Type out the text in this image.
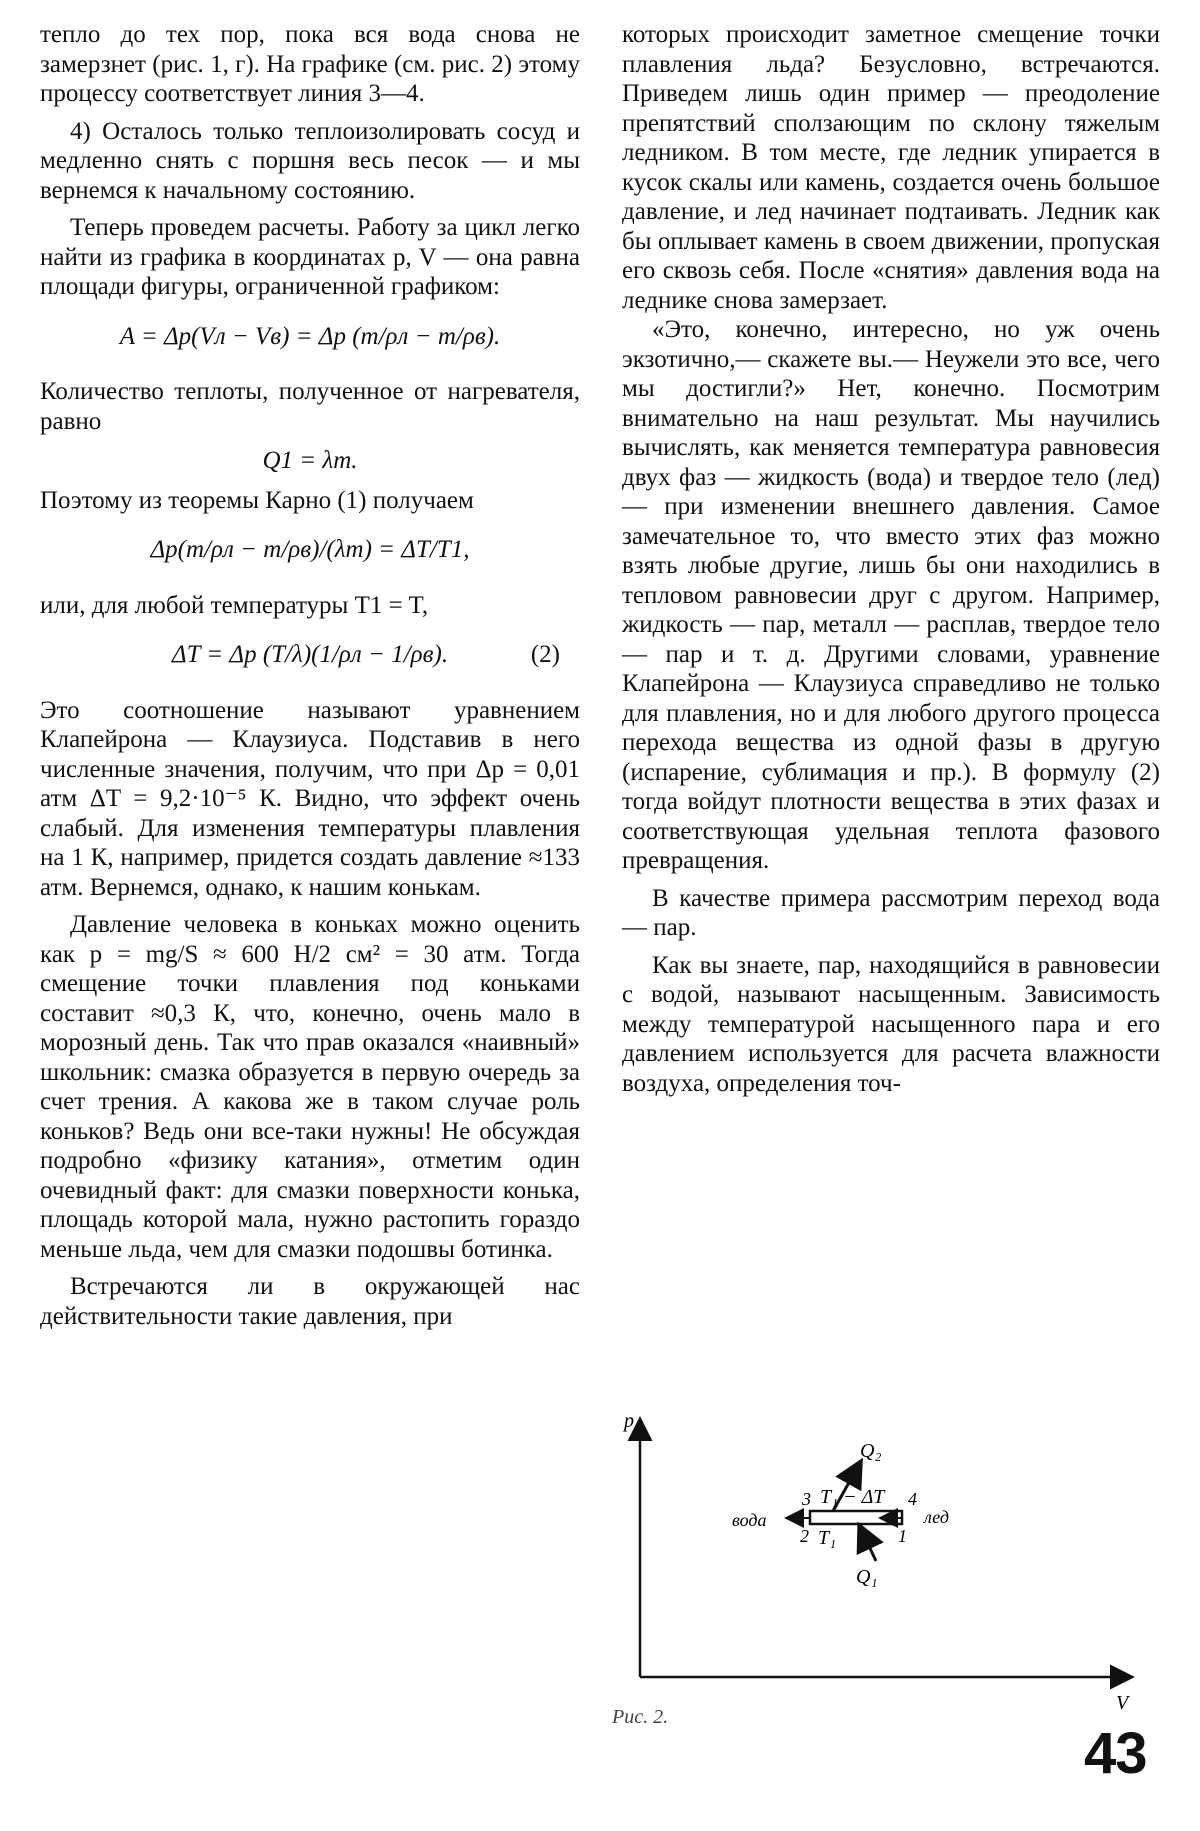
тепло до тех пор, пока вся вода снова не замерзнет (рис. 1, г). На графике (см. рис. 2) этому процессу соответствует линия 3—4.

4) Осталось только теплоизолировать сосуд и медленно снять с поршня весь песок — и мы вернемся к начальному состоянию.

Теперь проведем расчеты. Работу за цикл легко найти из графика в координатах p, V — она равна площади фигуры, ограниченной графиком:

A = Δp(Vл − Vв) = Δp (m/ρл − m/ρв).

Количество теплоты, полученное от нагревателя, равно

Q1 = λm.

Поэтому из теоремы Карно (1) получаем

Δp(m/ρл − m/ρв)/(λm) = ΔT/T1,

или, для любой температуры T1 = T,

ΔT = Δp (T/λ)(1/ρл − 1/ρв).	(2)

Это соотношение называют уравнением Клапейрона — Клаузиуса. Подставив в него численные значения, получим, что при Δp = 0,01 атм ΔT = 9,2·10⁻⁵ К. Видно, что эффект очень слабый. Для изменения температуры плавления на 1 К, например, придется создать давление ≈133 атм. Вернемся, однако, к нашим конькам.

Давление человека в коньках можно оценить как p = mg/S ≈ 600 Н/2 см² = 30 атм. Тогда смещение точки плавления под коньками составит ≈0,3 К, что, конечно, очень мало в морозный день. Так что прав оказался «наивный» школьник: смазка образуется в первую очередь за счет трения. А какова же в таком случае роль коньков? Ведь они все-таки нужны! Не обсуждая подробно «физику катания», отметим один очевидный факт: для смазки поверхности конька, площадь которой мала, нужно растопить гораздо меньше льда, чем для смазки подошвы ботинка.

Встречаются ли в окружающей нас действительности такие давления, при

которых происходит заметное смещение точки плавления льда? Безусловно, встречаются. Приведем лишь один пример — преодоление препятствий сползающим по склону тяжелым ледником. В том месте, где ледник упирается в кусок скалы или камень, создается очень большое давление, и лед начинает подтаивать. Ледник как бы оплывает камень в своем движении, пропуская его сквозь себя. После «снятия» давления вода на леднике снова замерзает.

«Это, конечно, интересно, но уж очень экзотично,— скажете вы.— Неужели это все, чего мы достигли?» Нет, конечно. Посмотрим внимательно на наш результат. Мы научились вычислять, как меняется температура равновесия двух фаз — жидкость (вода) и твердое тело (лед) — при изменении внешнего давления. Самое замечательное то, что вместо этих фаз можно взять любые другие, лишь бы они находились в тепловом равновесии друг с другом. Например, жидкость — пар, металл — расплав, твердое тело — пар и т. д. Другими словами, уравнение Клапейрона — Клаузиуса справедливо не только для плавления, но и для любого другого процесса перехода вещества из одной фазы в другую (испарение, сублимация и пр.). В формулу (2) тогда войдут плотности вещества в этих фазах и соответствующая удельная теплота фазового превращения.

В качестве примера рассмотрим переход вода — пар.

Как вы знаете, пар, находящийся в равновесии с водой, называют насыщенным. Зависимость между температурой насыщенного пара и его давлением используется для расчета влажности воздуха, определения точ-

p
V
Q₂
Q₁
3 T₁ − ΔT 4
2 T₁	1
вода	лед
Рис. 2.
43
